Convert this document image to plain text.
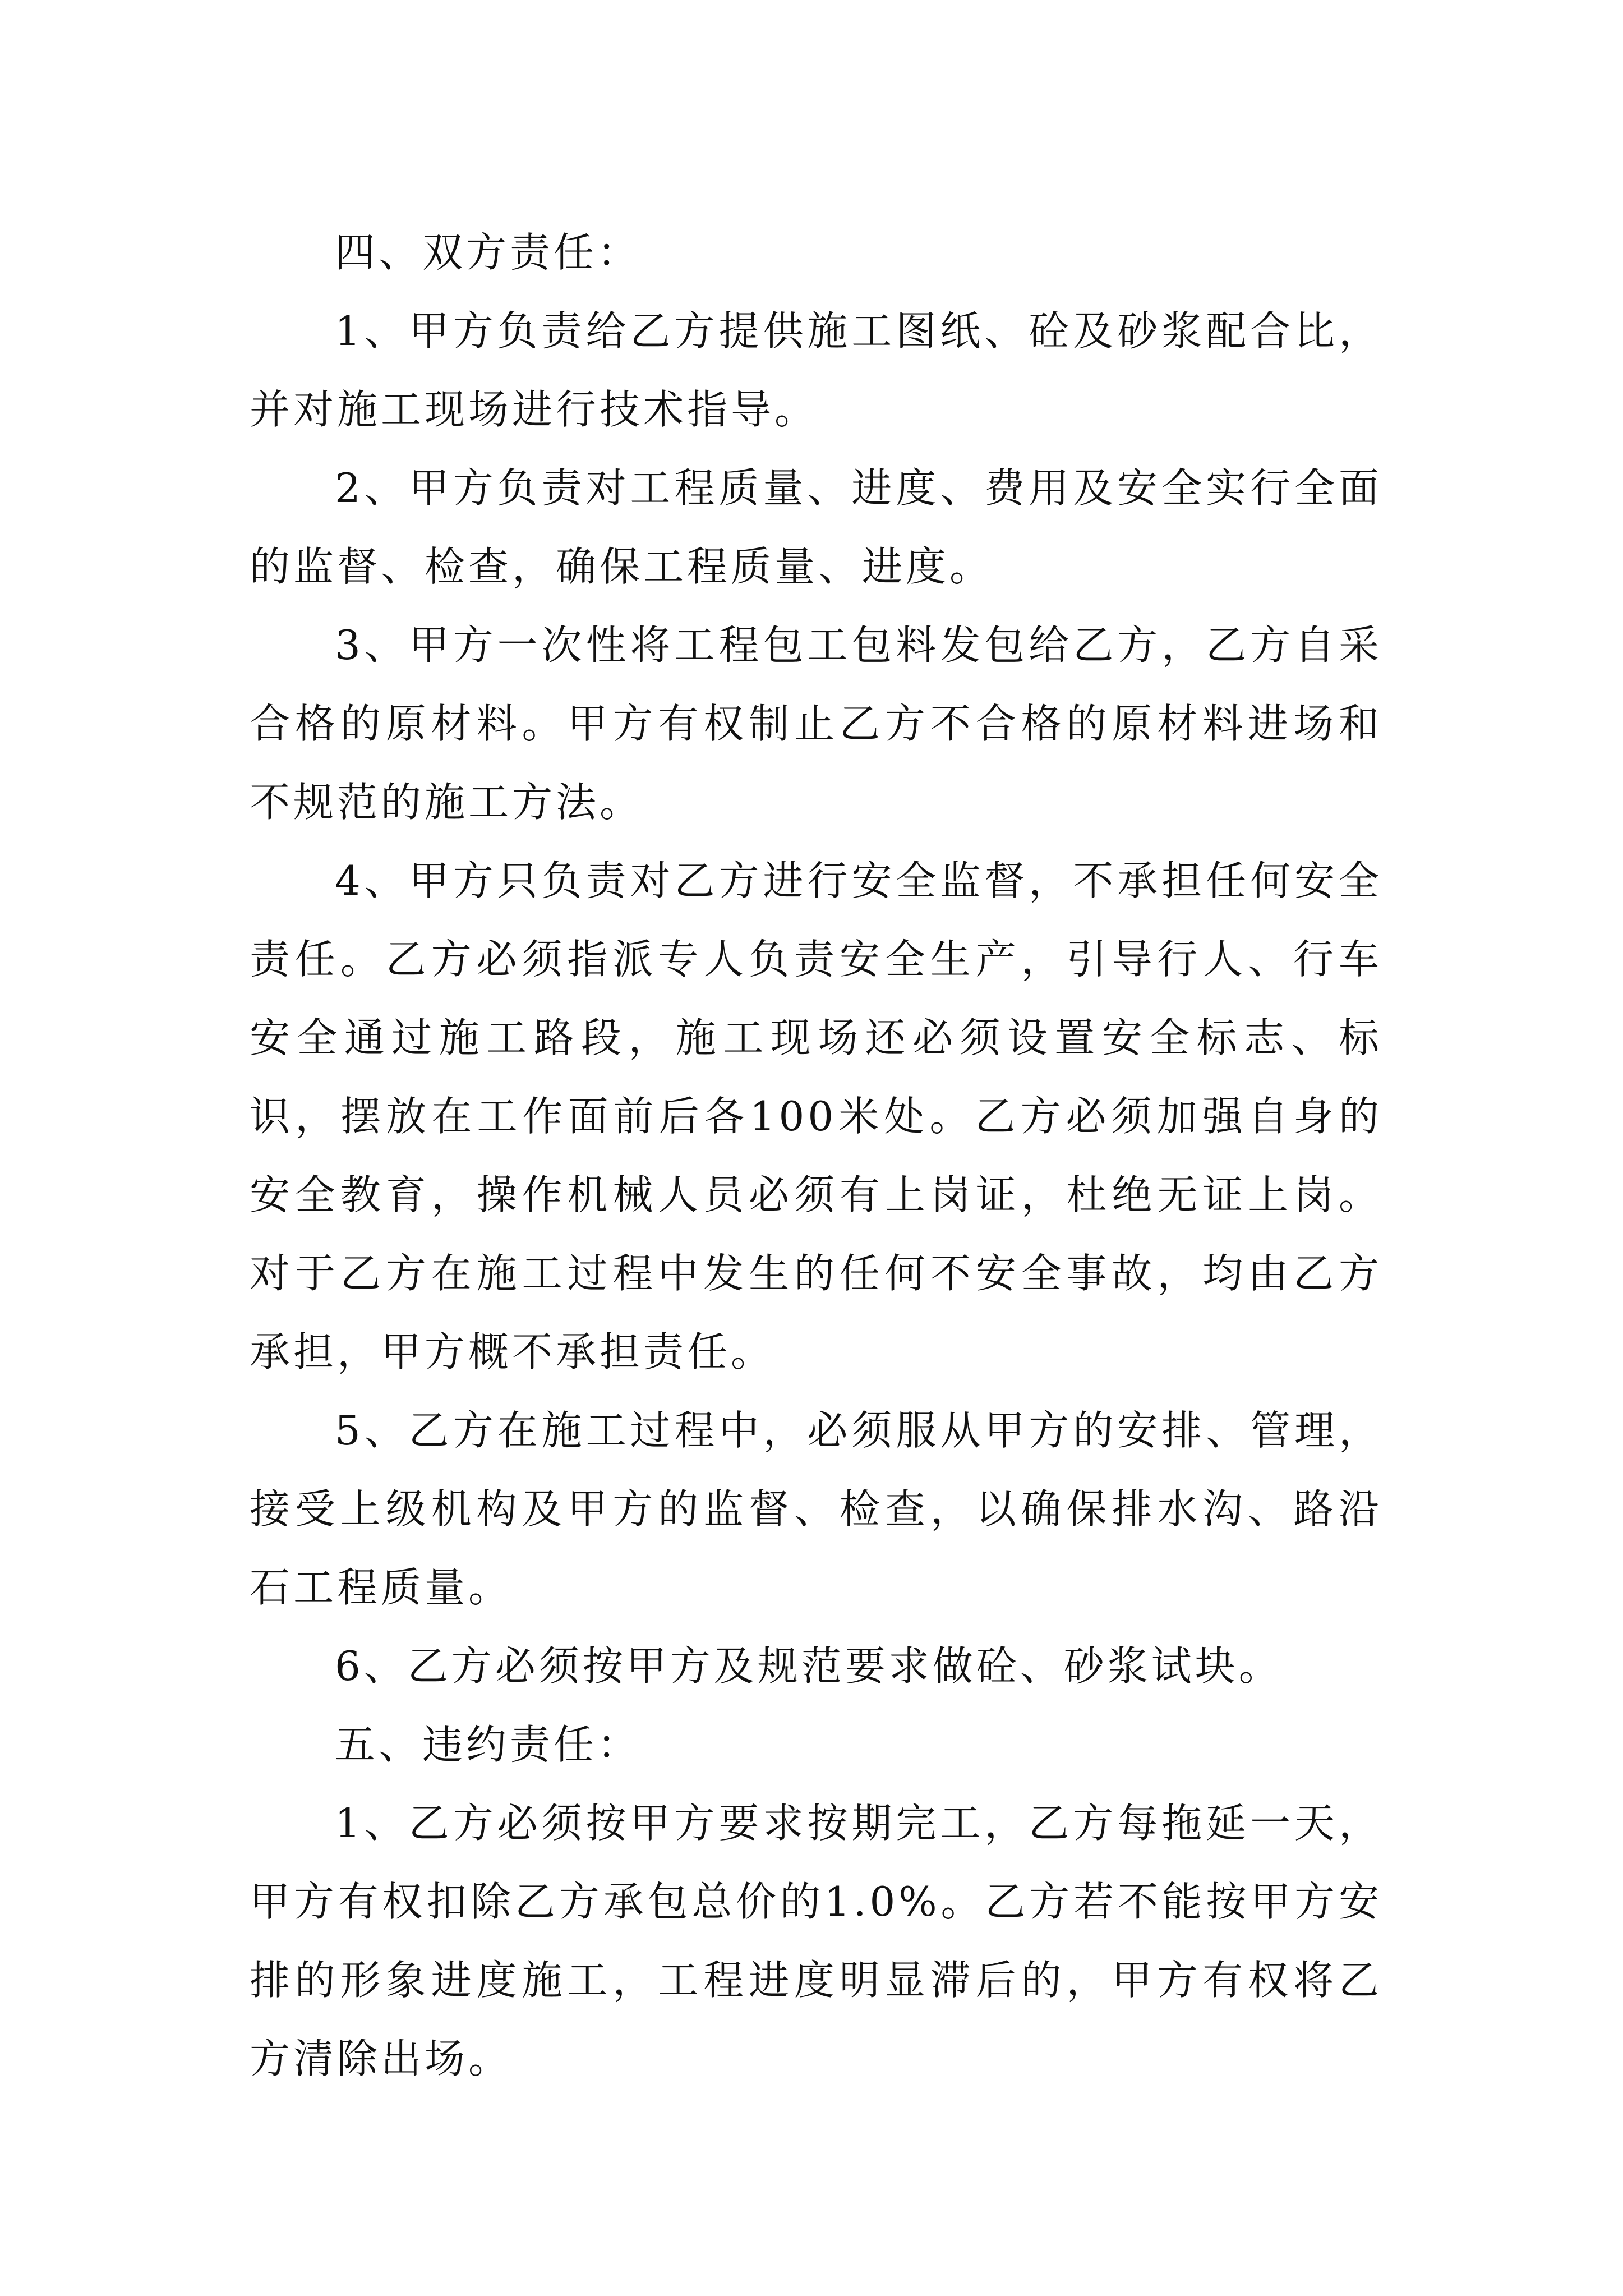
四、双方责任：

1、甲方负责给乙方提供施工图纸、砼及砂浆配合比，并对施工现场进行技术指导。

2、甲方负责对工程质量、进度、费用及安全实行全面的监督、检查，确保工程质量、进度。

3、甲方一次性将工程包工包料发包给乙方，乙方自采合格的原材料。甲方有权制止乙方不合格的原材料进场和不规范的施工方法。

4、甲方只负责对乙方进行安全监督，不承担任何安全责任。乙方必须指派专人负责安全生产，引导行人、行车安全通过施工路段，施工现场还必须设置安全标志、标识，摆放在工作面前后各100米处。乙方必须加强自身的安全教育，操作机械人员必须有上岗证，杜绝无证上岗。对于乙方在施工过程中发生的任何不安全事故，均由乙方承担，甲方概不承担责任。

5、乙方在施工过程中，必须服从甲方的安排、管理，接受上级机构及甲方的监督、检查，以确保排水沟、路沿石工程质量。

6、乙方必须按甲方及规范要求做砼、砂浆试块。

五、违约责任：

1、乙方必须按甲方要求按期完工，乙方每拖延一天，甲方有权扣除乙方承包总价的1.0%。乙方若不能按甲方安排的形象进度施工，工程进度明显滞后的，甲方有权将乙方清除出场。
